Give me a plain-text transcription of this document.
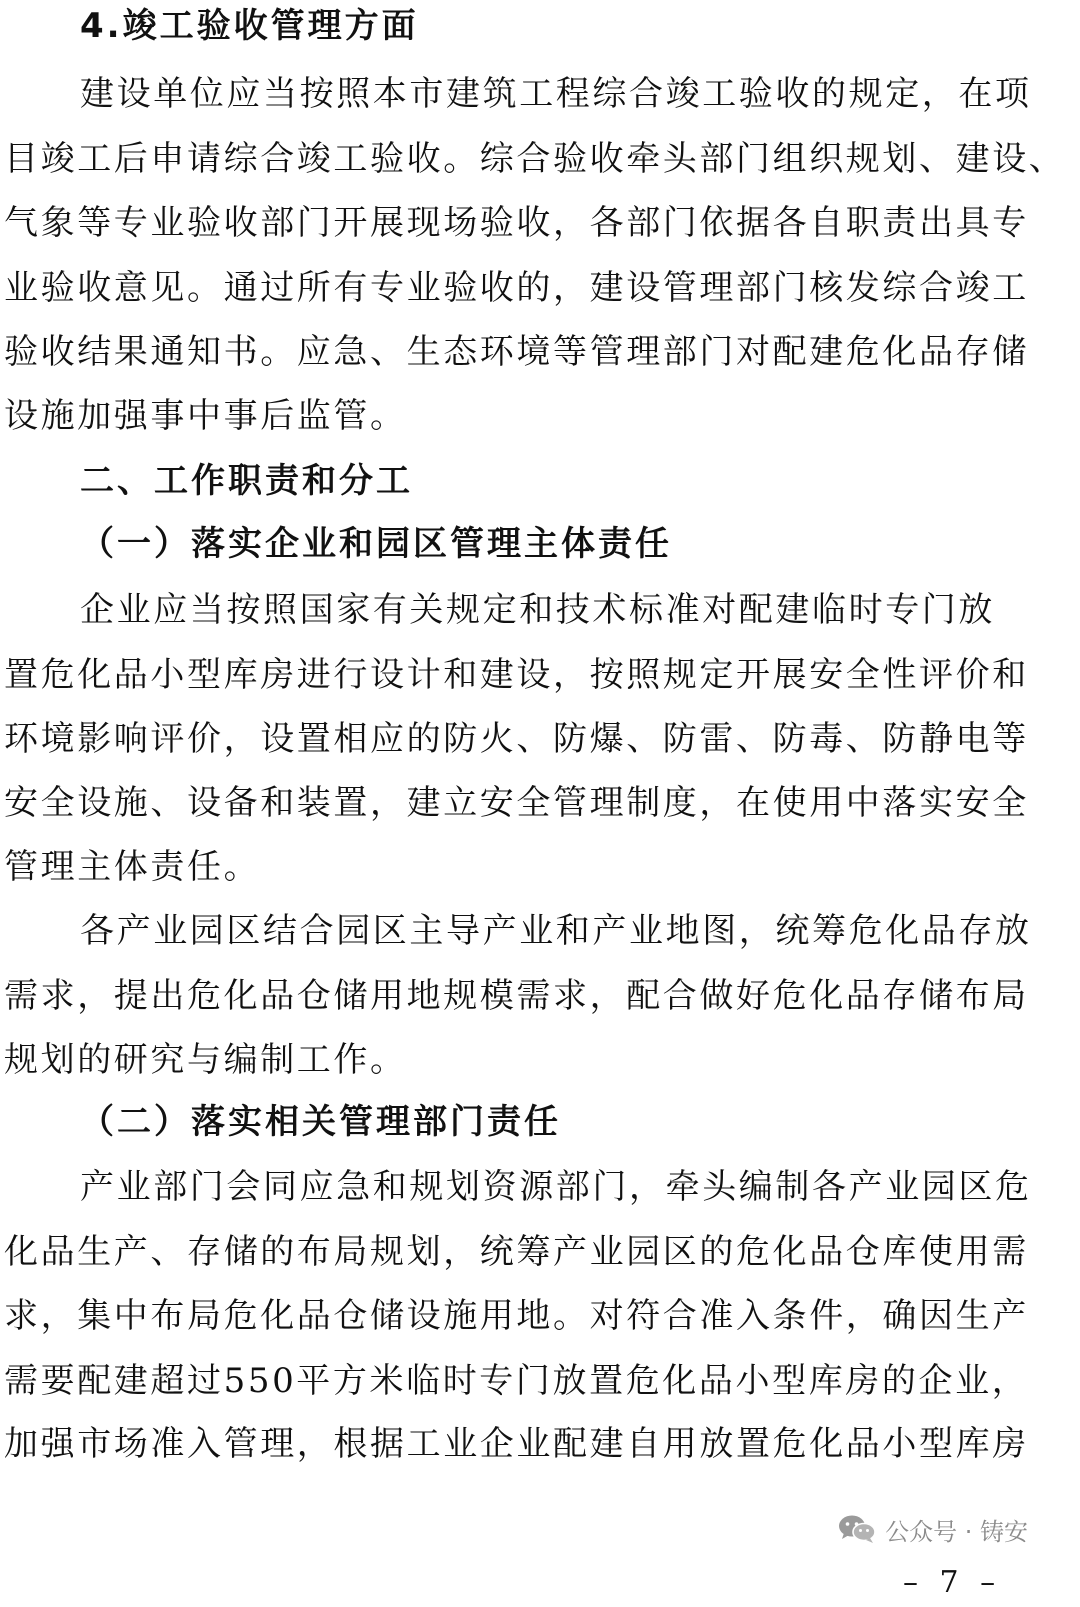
4.竣工验收管理方面
建设单位应当按照本市建筑工程综合竣工验收的规定，在项
目竣工后申请综合竣工验收。综合验收牵头部门组织规划、建设、
气象等专业验收部门开展现场验收，各部门依据各自职责出具专
业验收意见。通过所有专业验收的，建设管理部门核发综合竣工
验收结果通知书。应急、生态环境等管理部门对配建危化品存储
设施加强事中事后监管。
二、工作职责和分工
（一）落实企业和园区管理主体责任
企业应当按照国家有关规定和技术标准对配建临时专门放
置危化品小型库房进行设计和建设，按照规定开展安全性评价和
环境影响评价，设置相应的防火、防爆、防雷、防毒、防静电等
安全设施、设备和装置，建立安全管理制度，在使用中落实安全
管理主体责任。
各产业园区结合园区主导产业和产业地图，统筹危化品存放
需求，提出危化品仓储用地规模需求，配合做好危化品存储布局
规划的研究与编制工作。
（二）落实相关管理部门责任
产业部门会同应急和规划资源部门，牵头编制各产业园区危
化品生产、存储的布局规划，统筹产业园区的危化品仓库使用需
求，集中布局危化品仓储设施用地。对符合准入条件，确因生产
需要配建超过550平方米临时专门放置危化品小型库房的企业，
加强市场准入管理，根据工业企业配建自用放置危化品小型库房
公众号 · 铸安
– 7 –
